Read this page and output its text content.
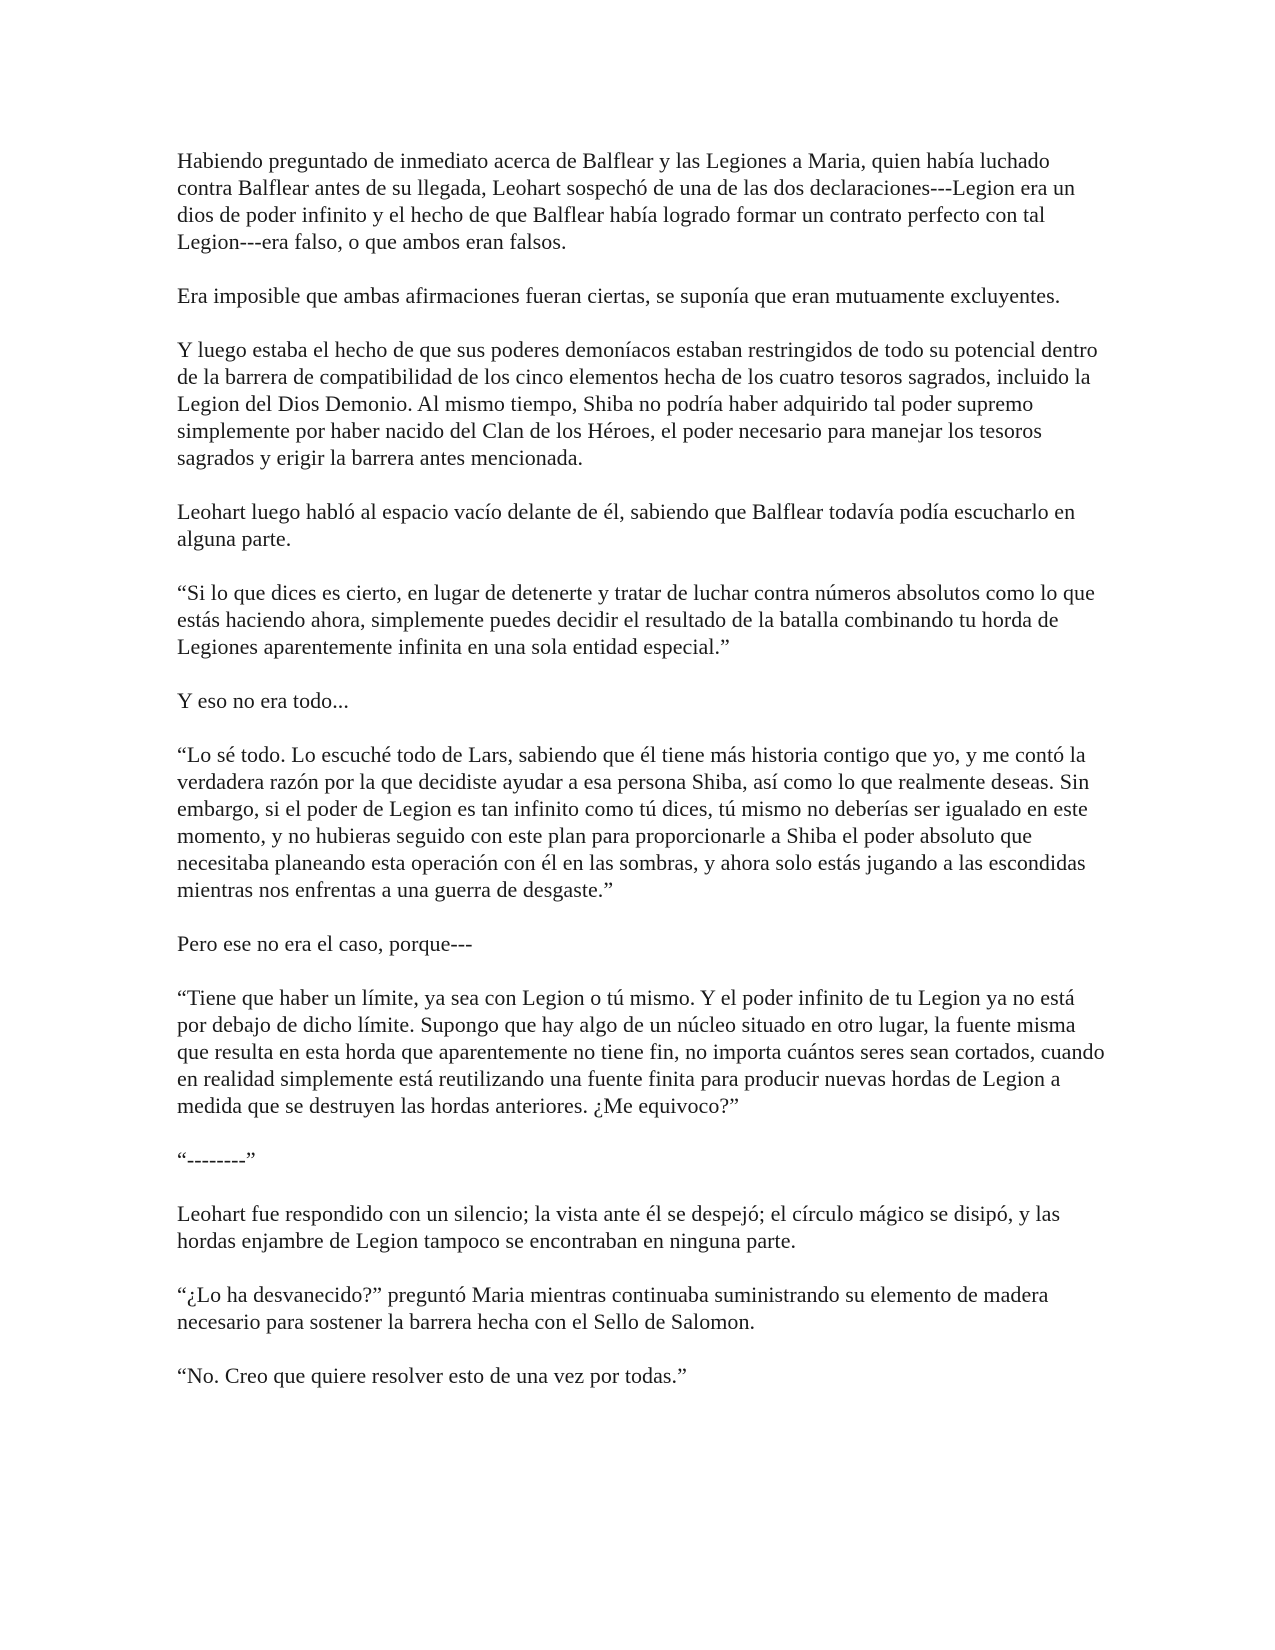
Habiendo preguntado de inmediato acerca de Balflear y las Legiones a Maria, quien había luchado contra Balflear antes de su llegada, Leohart sospechó de una de las dos declaraciones---Legion era un dios de poder infinito y el hecho de que Balflear había logrado formar un contrato perfecto con tal Legion---era falso, o que ambos eran falsos.

Era imposible que ambas afirmaciones fueran ciertas, se suponía que eran mutuamente excluyentes.

Y luego estaba el hecho de que sus poderes demoníacos estaban restringidos de todo su potencial dentro de la barrera de compatibilidad de los cinco elementos hecha de los cuatro tesoros sagrados, incluido la Legion del Dios Demonio. Al mismo tiempo, Shiba no podría haber adquirido tal poder supremo simplemente por haber nacido del Clan de los Héroes, el poder necesario para manejar los tesoros sagrados y erigir la barrera antes mencionada.

Leohart luego habló al espacio vacío delante de él, sabiendo que Balflear todavía podía escucharlo en alguna parte.

“Si lo que dices es cierto, en lugar de detenerte y tratar de luchar contra números absolutos como lo que estás haciendo ahora, simplemente puedes decidir el resultado de la batalla combinando tu horda de Legiones aparentemente infinita en una sola entidad especial.”

Y eso no era todo...

“Lo sé todo. Lo escuché todo de Lars, sabiendo que él tiene más historia contigo que yo, y me contó la verdadera razón por la que decidiste ayudar a esa persona Shiba, así como lo que realmente deseas. Sin embargo, si el poder de Legion es tan infinito como tú dices, tú mismo no deberías ser igualado en este momento, y no hubieras seguido con este plan para proporcionarle a Shiba el poder absoluto que necesitaba planeando esta operación con él en las sombras, y ahora solo estás jugando a las escondidas mientras nos enfrentas a una guerra de desgaste.”

Pero ese no era el caso, porque---

“Tiene que haber un límite, ya sea con Legion o tú mismo. Y el poder infinito de tu Legion ya no está por debajo de dicho límite. Supongo que hay algo de un núcleo situado en otro lugar, la fuente misma que resulta en esta horda que aparentemente no tiene fin, no importa cuántos seres sean cortados, cuando en realidad simplemente está reutilizando una fuente finita para producir nuevas hordas de Legion a medida que se destruyen las hordas anteriores. ¿Me equivoco?”

“--------”

Leohart fue respondido con un silencio; la vista ante él se despejó; el círculo mágico se disipó, y las hordas enjambre de Legion tampoco se encontraban en ninguna parte.

“¿Lo ha desvanecido?” preguntó Maria mientras continuaba suministrando su elemento de madera necesario para sostener la barrera hecha con el Sello de Salomon.

“No. Creo que quiere resolver esto de una vez por todas.”
